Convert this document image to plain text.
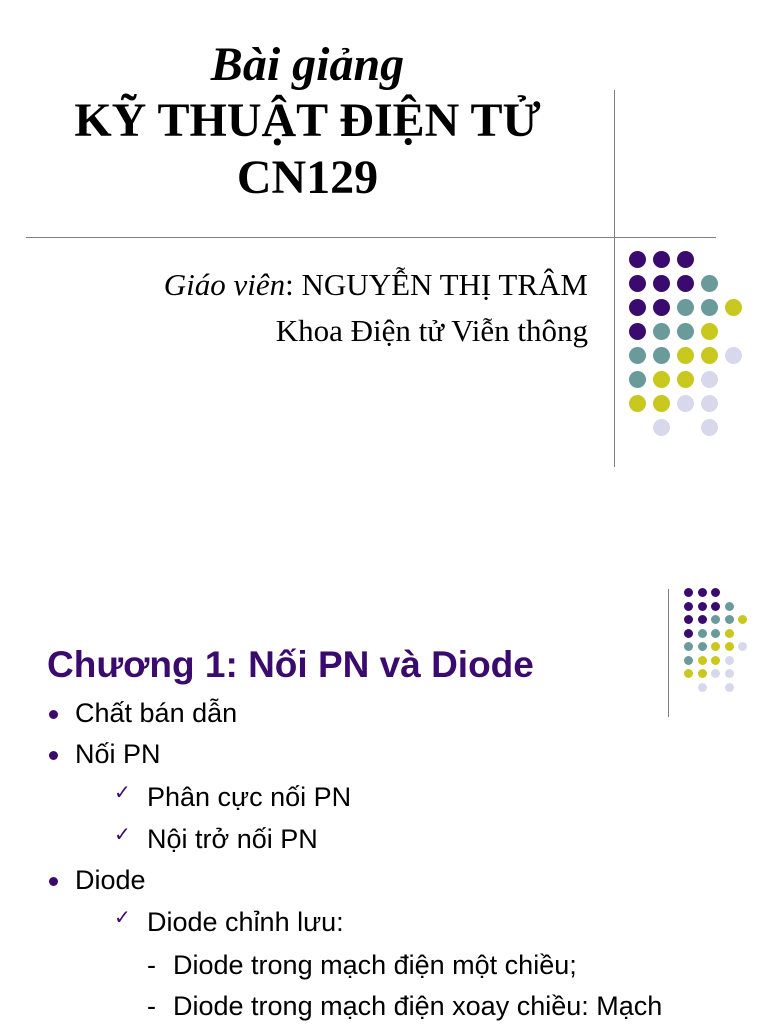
Bài giảng
KỸ THUẬT ĐIỆN TỬ
CN129
Giáo viên: NGUYỄN THỊ TRÂM
Khoa Điện tử Viễn thông
Chương 1: Nối PN và Diode
Chất bán dẫn
Nối PN
✓ Phân cực nối PN
✓ Nội trở nối PN
Diode
✓ Diode chỉnh lưu:
- Diode trong mạch điện một chiều;
- Diode trong mạch điện xoay chiều: Mạch
